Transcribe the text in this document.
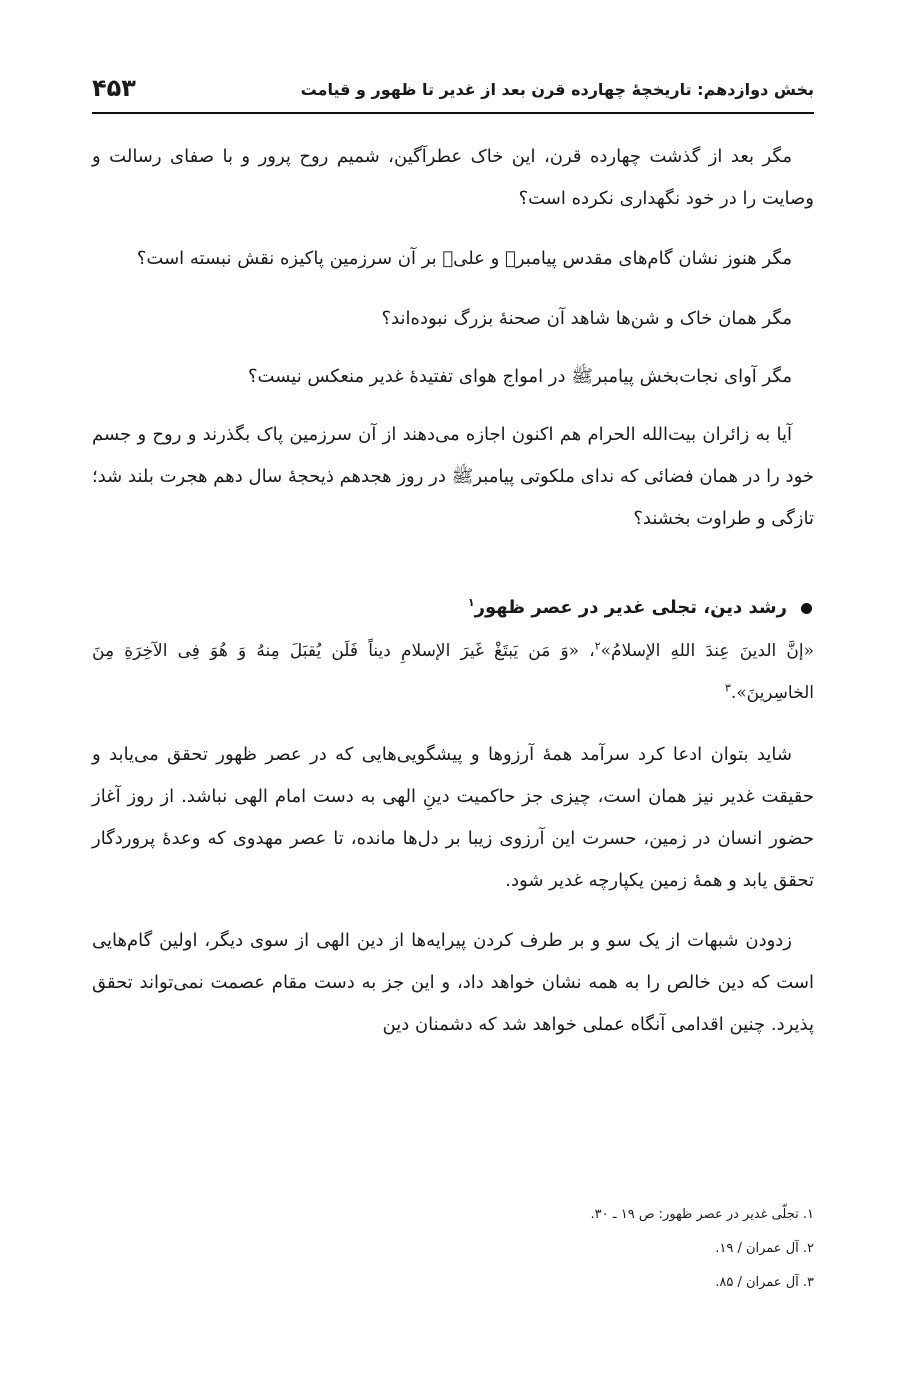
بخش دوازدهم: تاریخچهٔ چهارده قرن بعد از غدیر تا ظهور و قیامت
۴۵۳

مگر بعد از گذشت چهارده قرن، این خاک عطرآگین، شمیم روح پرور و با صفای رسالت و وصایت را در خود نگهداری نکرده است؟

مگر هنوز نشان گام‌های مقدس پیامبرﷺ و علیؑ بر آن سرزمین پاکیزه نقش نبسته است؟

مگر همان خاک و شن‌ها شاهد آن صحنهٔ بزرگ نبوده‌اند؟

مگر آوای نجات‌بخش پیامبرﷺ در امواج هوای تفتیدهٔ غدیر منعکس نیست؟

آیا به زائران بیت‌الله الحرام هم اکنون اجازه می‌دهند از آن سرزمین پاک بگذرند و روح و جسم خود را در همان فضائی که ندای ملکوتی پیامبرﷺ در روز هجدهم ذیحجهٔ سال دهم هجرت بلند شد؛ تازگی و طراوت بخشند؟

رشد دین، تجلی غدیر در عصر ظهور$^۱$
«إنَّ الدینَ عِندَ اللهِ الإسلامُ»$^۲$، «وَ مَن یَبتَغْ غَیرَ الإسلامِ دیناً فَلَن یُقبَلَ مِنهُ وَ هُوَ فِی الآخِرَةِ مِنَ الخاسِرینَ».$^۳$

شاید بتوان ادعا کرد سرآمد همهٔ آرزوها و پیشگویی‌هایی که در عصر ظهور تحقق می‌یابد و حقیقت غدیر نیز همان است، چیزی جز حاکمیت دینِ الهی به دست امام الهی نباشد. از روز آغاز حضور انسان در زمین، حسرت این آرزوی زیبا بر دل‌ها مانده، تا عصر مهدوی که وعدهٔ پروردگار تحقق یابد و همهٔ زمین یکپارچه غدیر شود.

زدودن شبهات از یک سو و بر طرف کردن پیرایه‌ها از دین الهی از سوی دیگر، اولین گام‌هایی است که دین خالص را به همه نشان خواهد داد، و این جز به دست مقام عصمت نمی‌تواند تحقق پذیرد. چنین اقدامی آنگاه عملی خواهد شد که دشمنان دین

۱. تجلّی غدیر در عصر ظهور: ص ۱۹ ـ ۳۰.

۲. آل عمران / ۱۹.

۳. آل عمران / ۸۵.
